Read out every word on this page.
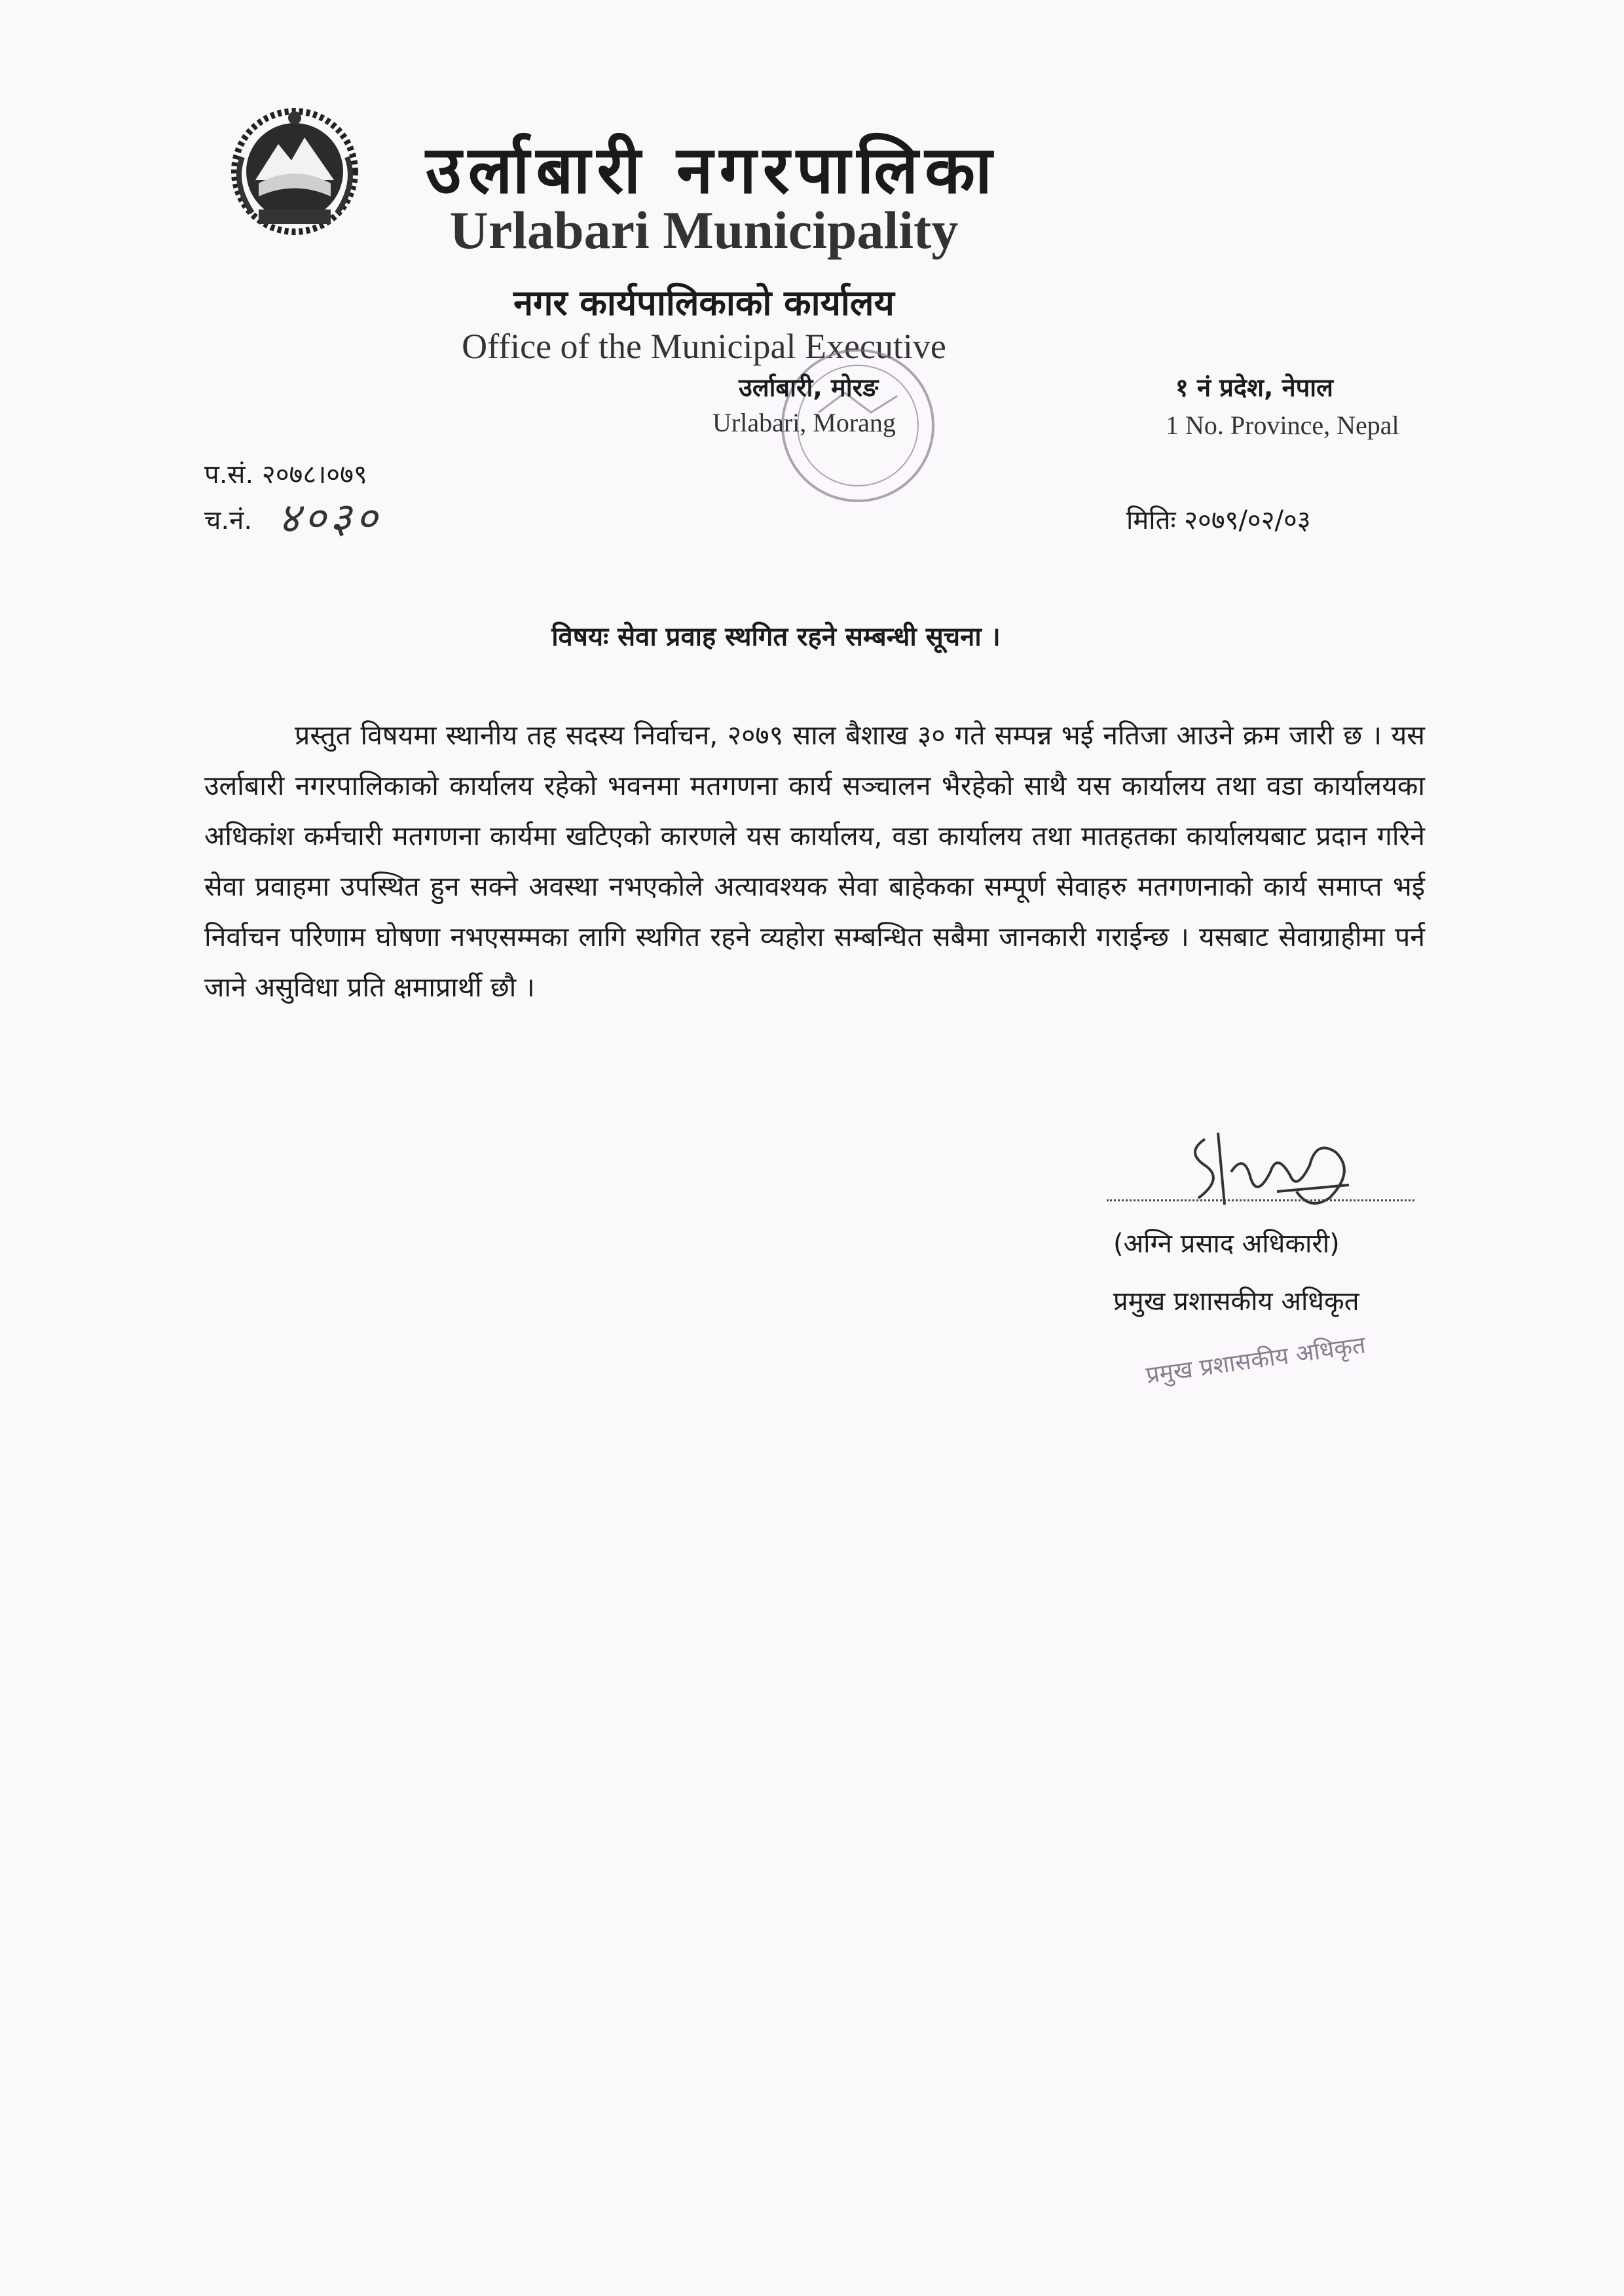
उर्लाबारी नगरपालिका
Urlabari Municipality
नगर कार्यपालिकाको कार्यालय
Office of the Municipal Executive
उर्लाबारी, मोरङ
Urlabari, Morang
१ नं प्रदेश, नेपाल
1 No. Province, Nepal
प.सं. २०७८।०७९
च.नं. ४०३०	मितिः २०७९/०२/०३
विषयः सेवा प्रवाह स्थगित रहने सम्बन्धी सूचना ।
प्रस्तुत विषयमा स्थानीय तह सदस्य निर्वाचन, २०७९ साल बैशाख ३० गते सम्पन्न भई नतिजा आउने क्रम जारी छ । यस उर्लाबारी नगरपालिकाको कार्यालय रहेको भवनमा मतगणना कार्य सञ्चालन भैरहेको साथै यस कार्यालय तथा वडा कार्यालयका अधिकांश कर्मचारी मतगणना कार्यमा खटिएको कारणले यस कार्यालय, वडा कार्यालय तथा मातहतका कार्यालयबाट प्रदान गरिने सेवा प्रवाहमा उपस्थित हुन सक्ने अवस्था नभएकोले अत्यावश्यक सेवा बाहेकका सम्पूर्ण सेवाहरु मतगणनाको कार्य समाप्त भई निर्वाचन परिणाम घोषणा नभएसम्मका लागि स्थगित रहने व्यहोरा सम्बन्धित सबैमा जानकारी गराईन्छ । यसबाट सेवाग्राहीमा पर्न जाने असुविधा प्रति क्षमाप्रार्थी छौ ।
(अग्नि प्रसाद अधिकारी)
प्रमुख प्रशासकीय अधिकृत
प्रमुख प्रशासकीय अधिकृत
